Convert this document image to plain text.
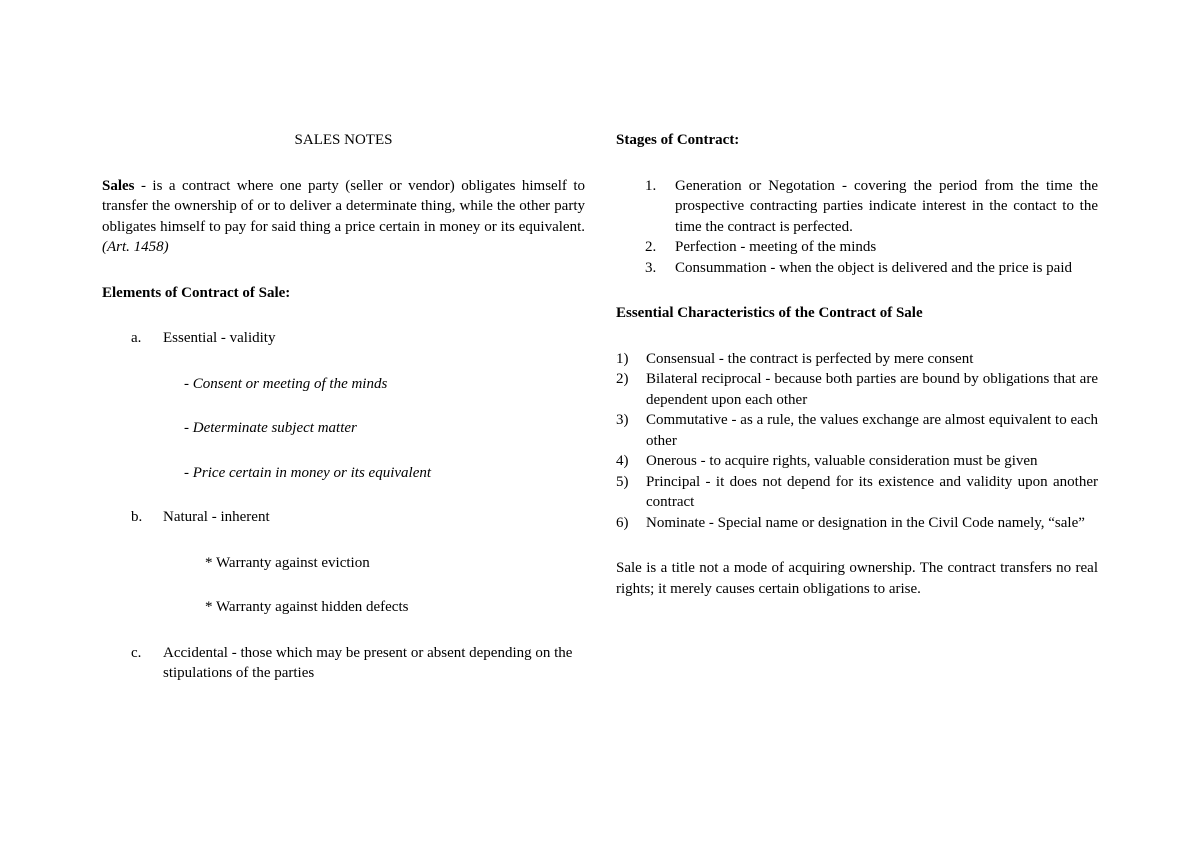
SALES NOTES

Sales - is a contract where one party (seller or vendor) obligates himself to transfer the ownership of or to deliver a determinate thing, while the other party obligates himself to pay for said thing a price certain in money or its equivalent. (Art. 1458)

Elements of Contract of Sale:

a. Essential - validity

- Consent or meeting of the minds

- Determinate subject matter

- Price certain in money or its equivalent

b. Natural - inherent

* Warranty against eviction

* Warranty against hidden defects

c. Accidental - those which may be present or absent depending on the stipulations of the parties

Stages of Contract:

1. Generation or Negotation - covering the period from the time the prospective contracting parties indicate interest in the contact to the time the contract is perfected.
2. Perfection - meeting of the minds
3. Consummation - when the object is delivered and the price is paid

Essential Characteristics of the Contract of Sale

1) Consensual - the contract is perfected by mere consent
2) Bilateral reciprocal - because both parties are bound by obligations that are dependent upon each other
3) Commutative - as a rule, the values exchange are almost equivalent to each other
4) Onerous - to acquire rights, valuable consideration must be given
5) Principal - it does not depend for its existence and validity upon another contract
6) Nominate - Special name or designation in the Civil Code namely, “sale”

Sale is a title not a mode of acquiring ownership. The contract transfers no real rights; it merely causes certain obligations to arise.
